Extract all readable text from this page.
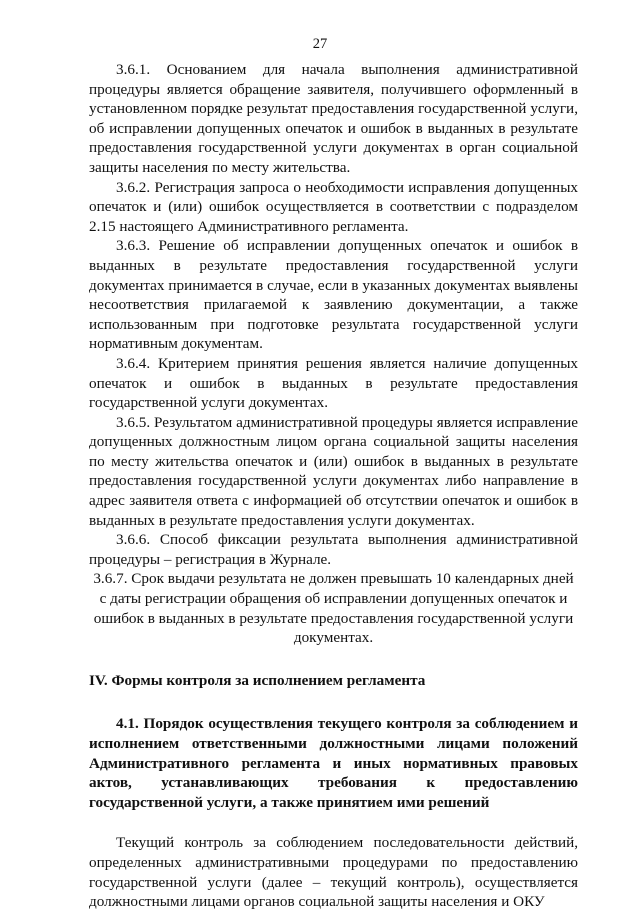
27

3.6.1. Основанием для начала выполнения административной процедуры является обращение заявителя, получившего оформленный в установленном порядке результат предоставления государственной услуги, об исправлении допущенных опечаток и ошибок в выданных в результате предоставления государственной услуги документах в орган социальной защиты населения по месту жительства.

3.6.2. Регистрация запроса о необходимости исправления допущенных опечаток и (или) ошибок осуществляется в соответствии с подразделом 2.15 настоящего Административного регламента.

3.6.3. Решение об исправлении допущенных опечаток и ошибок в выданных в результате предоставления государственной услуги документах принимается в случае, если в указанных документах выявлены несоответствия прилагаемой к заявлению документации, а также использованным при подготовке результата государственной услуги нормативным документам.

3.6.4. Критерием принятия решения является наличие допущенных опечаток и ошибок в выданных в результате предоставления государственной услуги документах.

3.6.5. Результатом административной процедуры является исправление допущенных должностным лицом органа социальной защиты населения по месту жительства опечаток и (или) ошибок в выданных в результате предоставления государственной услуги документах либо направление в адрес заявителя ответа с информацией об отсутствии опечаток и ошибок в выданных в результате предоставления услуги документах.

3.6.6. Способ фиксации результата выполнения административной процедуры – регистрация в Журнале.

3.6.7. Срок выдачи результата не должен превышать 10 календарных дней с даты регистрации обращения об исправлении допущенных опечаток и ошибок в выданных в результате предоставления государственной услуги документах.

IV. Формы контроля за исполнением регламента

4.1. Порядок осуществления текущего контроля за соблюдением и исполнением ответственными должностными лицами положений Административного регламента и иных нормативных правовых актов, устанавливающих требования к предоставлению государственной услуги, а также принятием ими решений

Текущий контроль за соблюдением последовательности действий, определенных административными процедурами по предоставлению государственной услуги (далее – текущий контроль), осуществляется должностными лицами органов социальной защиты населения и ОКУ
